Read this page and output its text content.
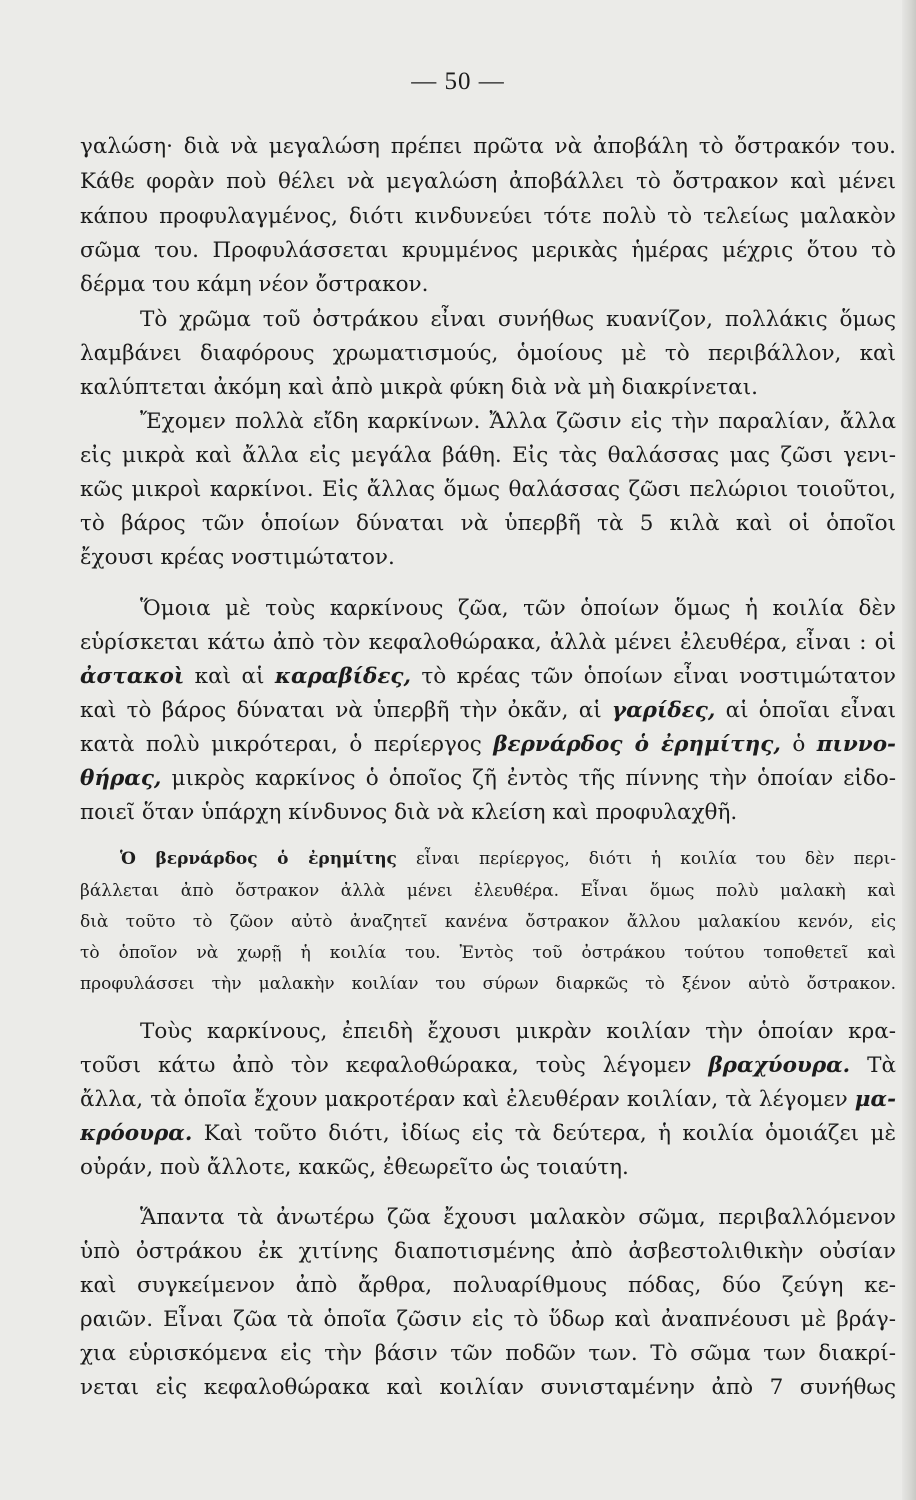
— 50 —
γαλώση· διὰ νὰ μεγαλώση πρέπει πρῶτα νὰ ἀποβάλη τὸ ὄστρακόν του.
Κάθε φορὰν ποὺ θέλει νὰ μεγαλώση ἀποβάλλει τὸ ὄστρακον καὶ μένει
κάπου προφυλαγμένος, διότι κινδυνεύει τότε πολὺ τὸ τελείως μαλακὸν
σῶμα του. Προφυλάσσεται κρυμμένος μερικὰς ἡμέρας μέχρις ὅτου τὸ
δέρμα του κάμη νέον ὄστρακον.
Τὸ χρῶμα τοῦ ὀστράκου εἶναι συνήθως κυανίζον, πολλάκις ὅμως
λαμβάνει διαφόρους χρωματισμούς, ὁμοίους μὲ τὸ περιβάλλον, καὶ
καλύπτεται ἀκόμη καὶ ἀπὸ μικρὰ φύκη διὰ νὰ μὴ διακρίνεται.
Ἔχομεν πολλὰ εἴδη καρκίνων. Ἄλλα ζῶσιν εἰς τὴν παραλίαν, ἄλλα
εἰς μικρὰ καὶ ἄλλα εἰς μεγάλα βάθη. Εἰς τὰς θαλάσσας μας ζῶσι γενι-
κῶς μικροὶ καρκίνοι. Εἰς ἄλλας ὅμως θαλάσσας ζῶσι πελώριοι τοιοῦτοι,
τὸ βάρος τῶν ὁποίων δύναται νὰ ὑπερβῆ τὰ 5 κιλὰ καὶ οἱ ὁποῖοι
ἔχουσι κρέας νοστιμώτατον.
Ὅμοια μὲ τοὺς καρκίνους ζῶα, τῶν ὁποίων ὅμως ἡ κοιλία δὲν
εὑρίσκεται κάτω ἀπὸ τὸν κεφαλοθώρακα, ἀλλὰ μένει ἐλευθέρα, εἶναι : οἱ
ἀστακοὶ καὶ αἱ καραβίδες, τὸ κρέας τῶν ὁποίων εἶναι νοστιμώτατον
καὶ τὸ βάρος δύναται νὰ ὑπερβῆ τὴν ὀκᾶν, αἱ γαρίδες, αἱ ὁποῖαι εἶναι
κατὰ πολὺ μικρότεραι, ὁ περίεργος βερνάρδος ὁ ἐρημίτης, ὁ πιννο-
θήρας, μικρὸς καρκίνος ὁ ὁποῖος ζῆ ἐντὸς τῆς πίννης τὴν ὁποίαν εἰδο-
ποιεῖ ὅταν ὑπάρχη κίνδυνος διὰ νὰ κλείση καὶ προφυλαχθῆ.
Ὁ βερνάρδος ὁ ἐρημίτης εἶναι περίεργος, διότι ἡ κοιλία του δὲν περι-
βάλλεται ἀπὸ ὄστρακον ἀλλὰ μένει ἐλευθέρα. Εἶναι ὅμως πολὺ μαλακὴ καὶ
διὰ τοῦτο τὸ ζῶον αὐτὸ ἀναζητεῖ κανένα ὄστρακον ἄλλου μαλακίου κενόν, εἰς
τὸ ὁποῖον νὰ χωρῇ ἡ κοιλία του. Ἐντὸς τοῦ ὀστράκου τούτου τοποθετεῖ καὶ
προφυλάσσει τὴν μαλακὴν κοιλίαν του σύρων διαρκῶς τὸ ξένον αὐτὸ ὄστρακον.
Τοὺς καρκίνους, ἐπειδὴ ἔχουσι μικρὰν κοιλίαν τὴν ὁποίαν κρα-
τοῦσι κάτω ἀπὸ τὸν κεφαλοθώρακα, τοὺς λέγομεν βραχύουρα. Τὰ
ἄλλα, τὰ ὁποῖα ἔχουν μακροτέραν καὶ ἐλευθέραν κοιλίαν, τὰ λέγομεν μα-
κρόουρα. Καὶ τοῦτο διότι, ἰδίως εἰς τὰ δεύτερα, ἡ κοιλία ὁμοιάζει μὲ
οὐράν, ποὺ ἄλλοτε, κακῶς, ἐθεωρεῖτο ὡς τοιαύτη.
Ἅπαντα τὰ ἀνωτέρω ζῶα ἔχουσι μαλακὸν σῶμα, περιβαλλόμενον
ὑπὸ ὀστράκου ἐκ χιτίνης διαποτισμένης ἀπὸ ἀσβεστολιθικὴν οὐσίαν
καὶ συγκείμενον ἀπὸ ἄρθρα, πολυαρίθμους πόδας, δύο ζεύγη κε-
ραιῶν. Εἶναι ζῶα τὰ ὁποῖα ζῶσιν εἰς τὸ ὕδωρ καὶ ἀναπνέουσι μὲ βράγ-
χια εὑρισκόμενα εἰς τὴν βάσιν τῶν ποδῶν των. Τὸ σῶμα των διακρί-
νεται εἰς κεφαλοθώρακα καὶ κοιλίαν συνισταμένην ἀπὸ 7 συνήθως
